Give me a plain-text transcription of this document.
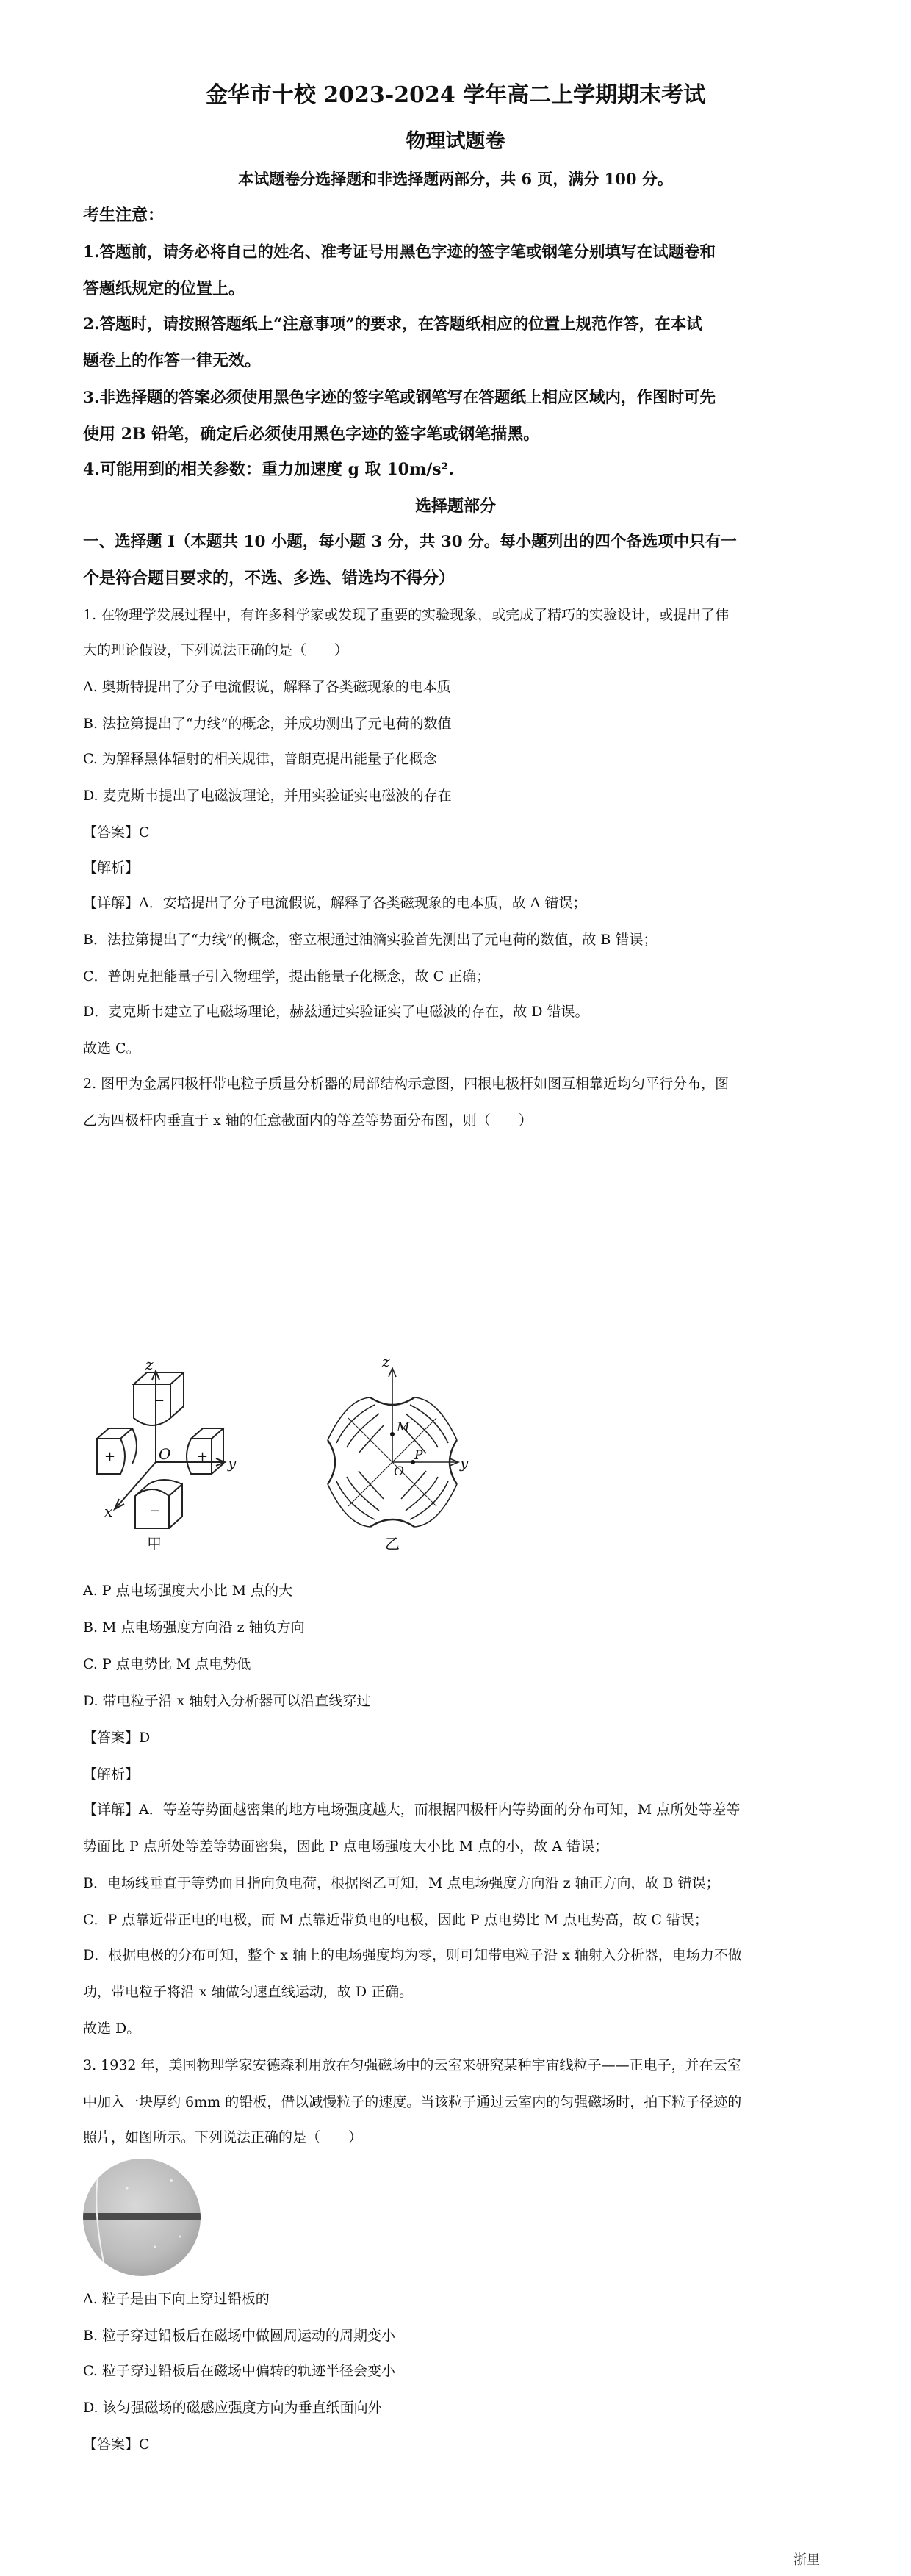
金华市十校 2023-2024 学年高二上学期期末考试
物理试题卷
本试题卷分选择题和非选择题两部分，共 6 页，满分 100 分。
考生注意：
1.答题前，请务必将自己的姓名、准考证号用黑色字迹的签字笔或钢笔分别填写在试题卷和
答题纸规定的位置上。
2.答题时，请按照答题纸上“注意事项”的要求，在答题纸相应的位置上规范作答，在本试
题卷上的作答一律无效。
3.非选择题的答案必须使用黑色字迹的签字笔或钢笔写在答题纸上相应区域内，作图时可先
使用 2B 铅笔，确定后必须使用黑色字迹的签字笔或钢笔描黑。
4.可能用到的相关参数：重力加速度 g 取 10m/s².
选择题部分
一、选择题 I（本题共 10 小题，每小题 3 分，共 30 分。每小题列出的四个备选项中只有一
个是符合题目要求的，不选、多选、错选均不得分）
1. 在物理学发展过程中，有许多科学家或发现了重要的实验现象，或完成了精巧的实验设计，或提出了伟
大的理论假设，下列说法正确的是（　　）
A. 奥斯特提出了分子电流假说，解释了各类磁现象的电本质
B. 法拉第提出了“力线”的概念，并成功测出了元电荷的数值
C. 为解释黑体辐射的相关规律，普朗克提出能量子化概念
D. 麦克斯韦提出了电磁波理论，并用实验证实电磁波的存在
【答案】C
【解析】
【详解】A．安培提出了分子电流假说，解释了各类磁现象的电本质，故 A 错误；
B．法拉第提出了“力线”的概念，密立根通过油滴实验首先测出了元电荷的数值，故 B 错误；
C．普朗克把能量子引入物理学，提出能量子化概念，故 C 正确；
D．麦克斯韦建立了电磁场理论，赫兹通过实验证实了电磁波的存在，故 D 错误。
故选 C。
2. 图甲为金属四极杆带电粒子质量分析器的局部结构示意图，四根电极杆如图互相靠近均匀平行分布，图
乙为四极杆内垂直于 x 轴的任意截面内的等差等势面分布图，则（　　）
z
y
x
O
−
−
+	+
甲
z
y
M
P
O
乙
A. P 点电场强度大小比 M 点的大
B. M 点电场强度方向沿 z 轴负方向
C. P 点电势比 M 点电势低
D. 带电粒子沿 x 轴射入分析器可以沿直线穿过
【答案】D
【解析】
【详解】A．等差等势面越密集的地方电场强度越大，而根据四极杆内等势面的分布可知，M 点所处等差等
势面比 P 点所处等差等势面密集，因此 P 点电场强度大小比 M 点的小，故 A 错误；
B．电场线垂直于等势面且指向负电荷，根据图乙可知，M 点电场强度方向沿 z 轴正方向，故 B 错误；
C．P 点靠近带正电的电极，而 M 点靠近带负电的电极，因此 P 点电势比 M 点电势高，故 C 错误；
D．根据电极的分布可知，整个 x 轴上的电场强度均为零，则可知带电粒子沿 x 轴射入分析器，电场力不做
功，带电粒子将沿 x 轴做匀速直线运动，故 D 正确。
故选 D。
3. 1932 年，美国物理学家安德森利用放在匀强磁场中的云室来研究某种宇宙线粒子——正电子，并在云室
中加入一块厚约 6mm 的铅板，借以减慢粒子的速度。当该粒子通过云室内的匀强磁场时，拍下粒子径迹的
照片，如图所示。下列说法正确的是（　　）
A. 粒子是由下向上穿过铅板的
B. 粒子穿过铅板后在磁场中做圆周运动的周期变小
C. 粒子穿过铅板后在磁场中偏转的轨迹半径会变小
D. 该匀强磁场的磁感应强度方向为垂直纸面向外
【答案】C
浙里
